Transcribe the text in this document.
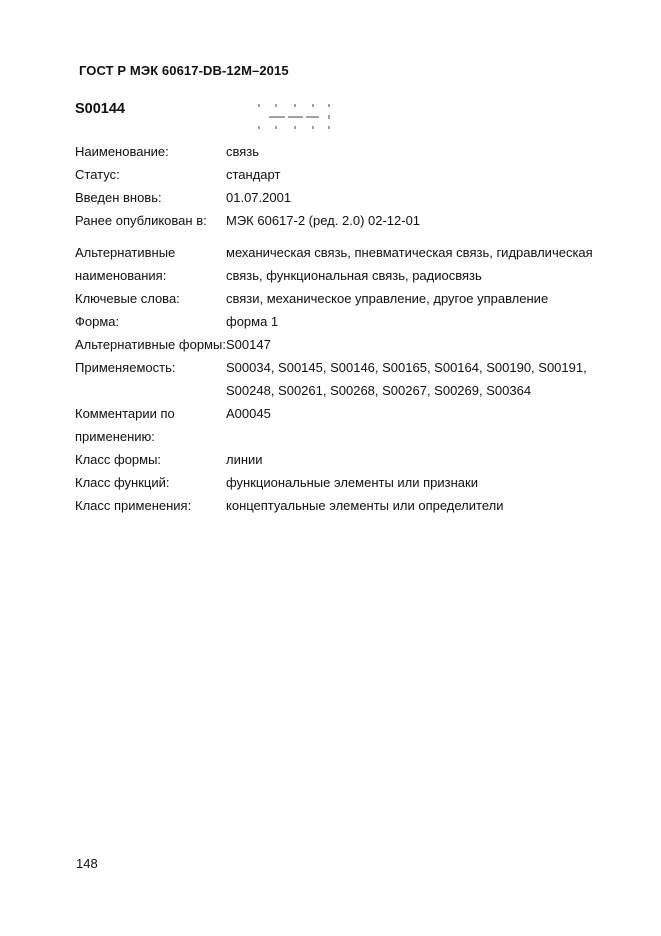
ГОСТ Р МЭК 60617-DB-12M–2015
S00144
Наименование:	связь
Статус:	стандарт
Введен вновь:	01.07.2001
Ранее опубликован в:	МЭК 60617-2 (ред. 2.0) 02-12-01
Альтернативные наименования:
механическая связь, пневматическая связь, гидравлическая связь, функциональная связь, радиосвязь
Ключевые слова:	связи, механическое управление, другое управление
Форма:	форма 1
Альтернативные формы: S00147
Применяемость:	S00034, S00145, S00146, S00165, S00164, S00190, S00191, S00248, S00261, S00268, S00267, S00269, S00364
Комментарии по применению:
A00045
Класс формы:	линии
Класс функций:	функциональные элементы или признаки
Класс применения:	концептуальные элементы или определители
148
